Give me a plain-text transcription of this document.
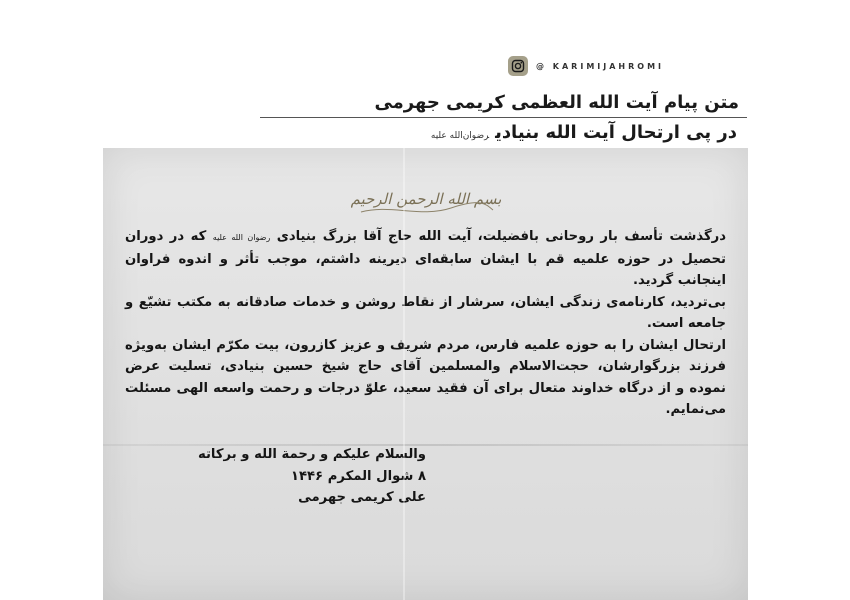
@ KARIMIJAHROMI
متن پیام آیت الله العظمی کریمی جهرمی
در پی ارتحال آیت الله بنیادیرضوان‌الله علیه
بسم الله الرحمن الرحیم

درگذشت تأسف بار روحانی بافضیلت، آیت الله حاج آقا بزرگ بنیادی رضوان الله علیه که در دوران تحصیل در حوزه علمیه قم با ایشان سابقه‌ای دیرینه داشتم، موجب تأثر و اندوه فراوان اینجانب گردید.

بی‌تردید، کارنامه‌ی زندگی ایشان، سرشار از نقاط روشن و خدمات صادقانه به مکتب تشیّع و جامعه است.

ارتحال ایشان را به حوزه علمیه فارس، مردم شریف و عزیز کازرون، بیت مکرّم ایشان به‌ویژه فرزند بزرگوارشان، حجت‌الاسلام والمسلمین آقای حاج شیخ حسین بنیادی، تسلیت عرض نموده و از درگاه خداوند متعال برای آن فقید سعید، علوّ درجات و رحمت واسعه الهی مسئلت می‌نمایم.

والسلام علیکم و رحمة الله و برکاته
۸ شوال المکرم ۱۴۴۶
علی کریمی جهرمی
